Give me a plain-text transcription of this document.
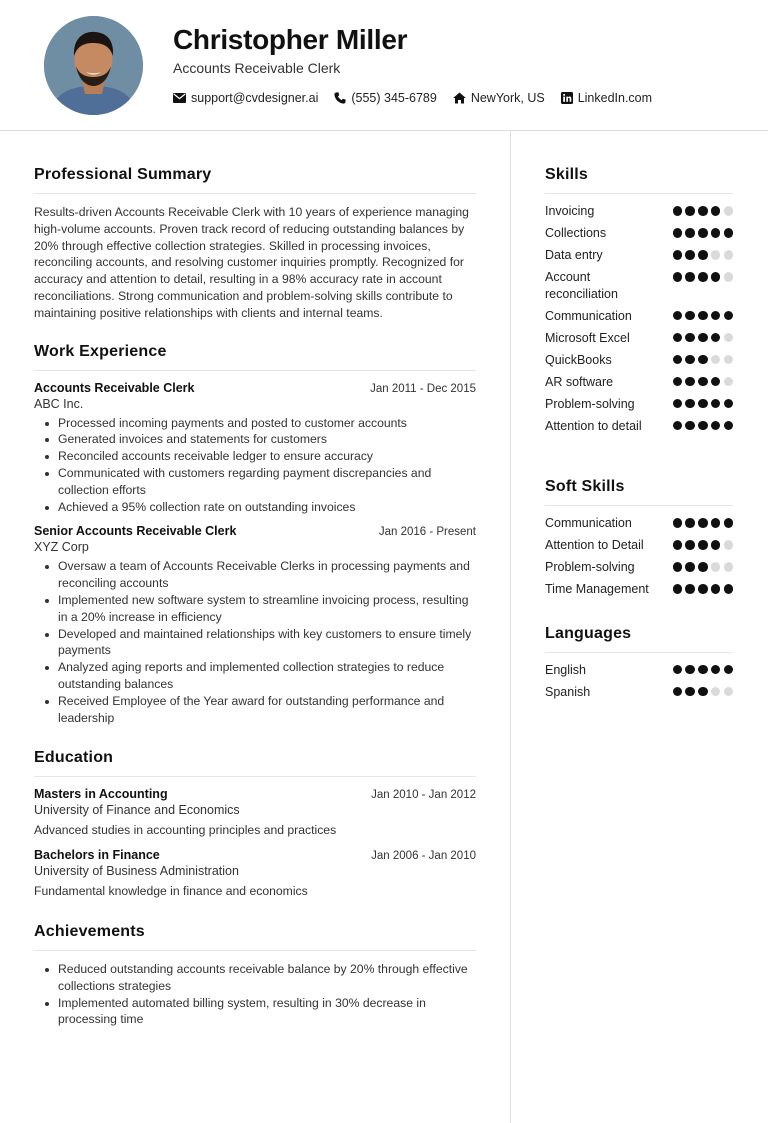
Christopher Miller
Accounts Receivable Clerk
support@cvdesigner.ai	(555) 345-6789	NewYork, US	LinkedIn.com
Professional Summary
Results-driven Accounts Receivable Clerk with 10 years of experience managing high-volume accounts. Proven track record of reducing outstanding balances by 20% through effective collection strategies. Skilled in processing invoices, reconciling accounts, and resolving customer inquiries promptly. Recognized for accuracy and attention to detail, resulting in a 98% accuracy rate in account reconciliations. Strong communication and problem-solving skills contribute to maintaining positive relationships with clients and internal teams.
Work Experience
Accounts Receivable Clerk	Jan 2011 - Dec 2015
ABC Inc.
Processed incoming payments and posted to customer accounts
Generated invoices and statements for customers
Reconciled accounts receivable ledger to ensure accuracy
Communicated with customers regarding payment discrepancies and collection efforts
Achieved a 95% collection rate on outstanding invoices
Senior Accounts Receivable Clerk	Jan 2016 - Present
XYZ Corp
Oversaw a team of Accounts Receivable Clerks in processing payments and reconciling accounts
Implemented new software system to streamline invoicing process, resulting in a 20% increase in efficiency
Developed and maintained relationships with key customers to ensure timely payments
Analyzed aging reports and implemented collection strategies to reduce outstanding balances
Received Employee of the Year award for outstanding performance and leadership
Education
Masters in Accounting	Jan 2010 - Jan 2012
University of Finance and Economics
Advanced studies in accounting principles and practices
Bachelors in Finance	Jan 2006 - Jan 2010
University of Business Administration
Fundamental knowledge in finance and economics
Achievements
Reduced outstanding accounts receivable balance by 20% through effective collections strategies
Implemented automated billing system, resulting in 30% decrease in processing time
Skills
Invoicing
Collections
Data entry
Account reconciliation
Communication
Microsoft Excel
QuickBooks
AR software
Problem-solving
Attention to detail
Soft Skills
Communication
Attention to Detail
Problem-solving
Time Management
Languages
English
Spanish
